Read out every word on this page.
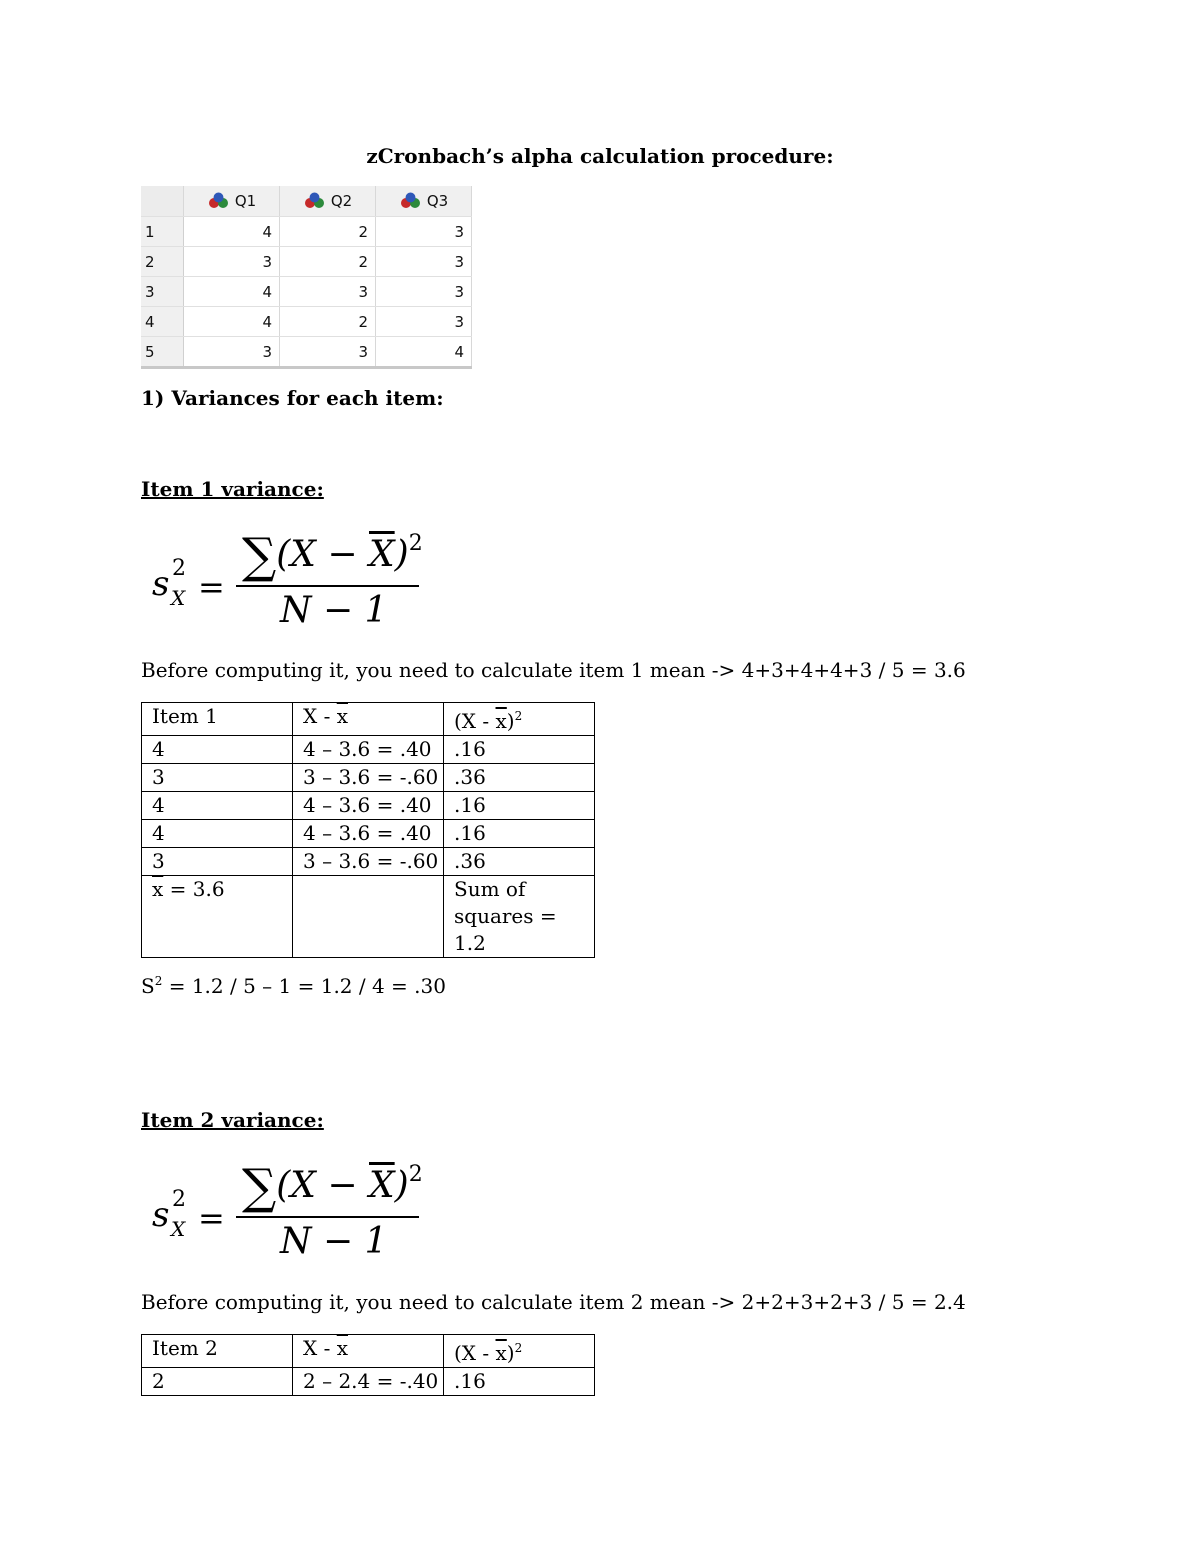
zCronbach’s alpha calculation procedure:
	Q1	Q2	Q3
1	4	2	3
2	3	2	3
3	4	3	3
4	4	2	3
5	3	3	4
1) Variances for each item:
Item 1 variance:
s 2
X =
$\sum(X - \overline{X})^2$
N − 1
Before computing it, you need to calculate item 1 mean -> 4+3+4+4+3 / 5 = 3.6
Item 1	X - $\overline{x}$	$(X - \overline{x})^2$
4	4 – 3.6 = .40	.16
3	3 – 3.6 = -.60	.36
4	4 – 3.6 = .40	.16
4	4 – 3.6 = .40	.16
3	3 – 3.6 = -.60	.36
$\overline{x} = 3.6$		Sum of
squares = 1.2
$S^2 = 1.2 / 5 - 1 = 1.2 / 4 = .30$
Item 2 variance:
s 2
X =
$\sum(X - \overline{X})^2$
N − 1
Before computing it, you need to calculate item 2 mean -> 2+2+3+2+3 / 5 = 2.4
Item 2	X - $\overline{x}$	$(X - \overline{x})^2$
2	2 – 2.4 = -.40	.16
